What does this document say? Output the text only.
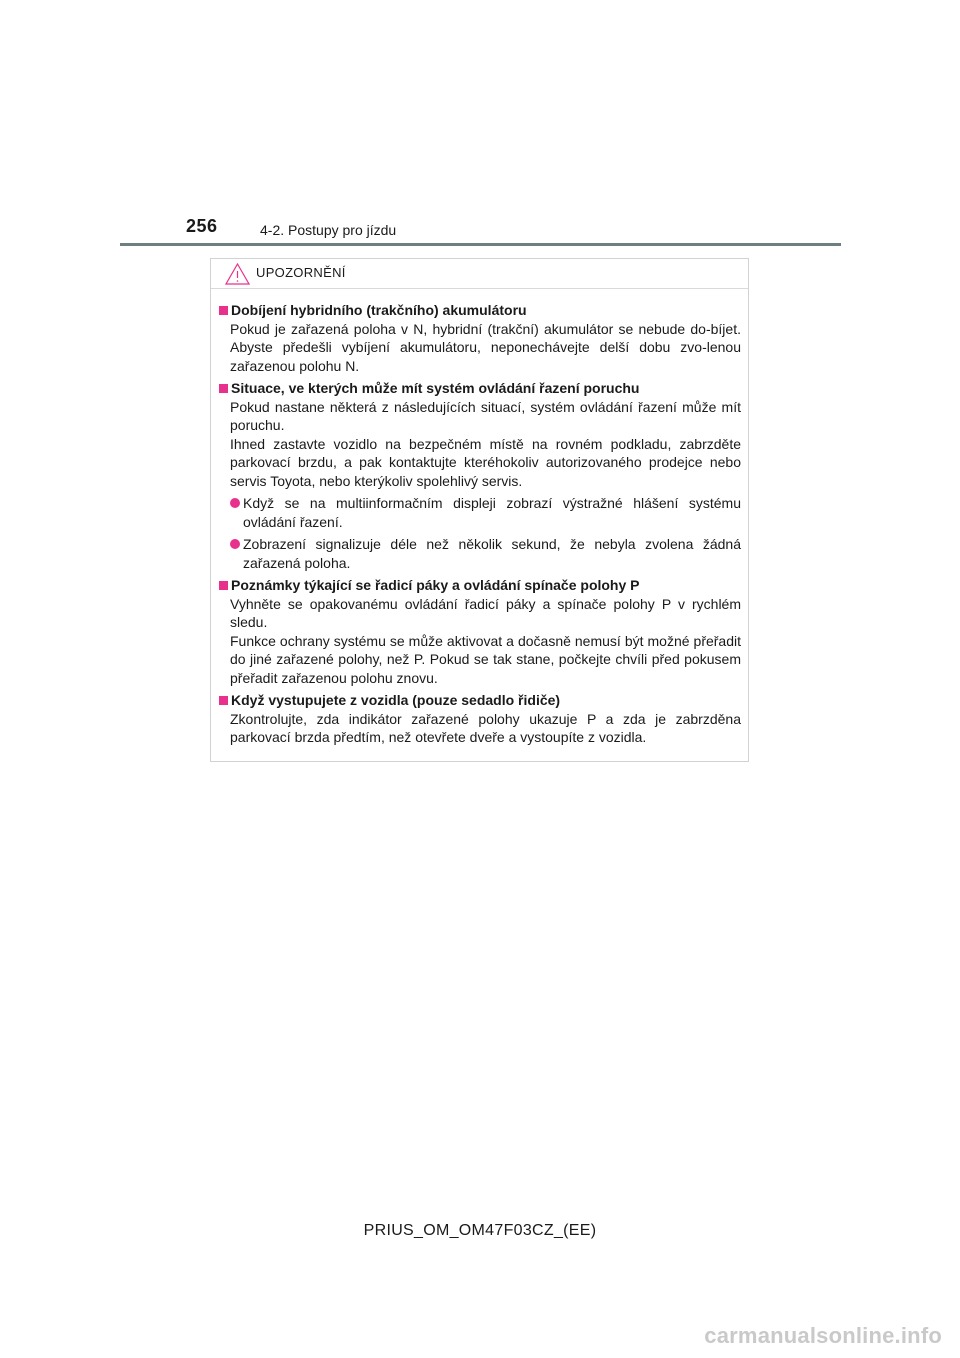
256	4-2. Postupy pro jízdu
UPOZORNĚNÍ
Dobíjení hybridního (trakčního) akumulátoru
Pokud je zařazená poloha v N, hybridní (trakční) akumulátor se nebude do-bíjet. Abyste předešli vybíjení akumulátoru, neponechávejte delší dobu zvo-lenou zařazenou polohu N.
Situace, ve kterých může mít systém ovládání řazení poruchu
Pokud nastane některá z následujících situací, systém ovládání řazení může mít poruchu.
Ihned zastavte vozidlo na bezpečném místě na rovném podkladu, zabrzděte parkovací brzdu, a pak kontaktujte kteréhokoliv autorizovaného prodejce nebo servis Toyota, nebo kterýkoliv spolehlivý servis.
Když se na multiinformačním displeji zobrazí výstražné hlášení systému ovládání řazení.
Zobrazení signalizuje déle než několik sekund, že nebyla zvolena žádná zařazená poloha.
Poznámky týkající se řadicí páky a ovládání spínače polohy P
Vyhněte se opakovanému ovládání řadicí páky a spínače polohy P v rychlém sledu.
Funkce ochrany systému se může aktivovat a dočasně nemusí být možné přeřadit do jiné zařazené polohy, než P. Pokud se tak stane, počkejte chvíli před pokusem přeřadit zařazenou polohu znovu.
Když vystupujete z vozidla (pouze sedadlo řidiče)
Zkontrolujte, zda indikátor zařazené polohy ukazuje P a zda je zabrzděna parkovací brzda předtím, než otevřete dveře a vystoupíte z vozidla.
PRIUS_OM_OM47F03CZ_(EE)
carmanualsonline.info
